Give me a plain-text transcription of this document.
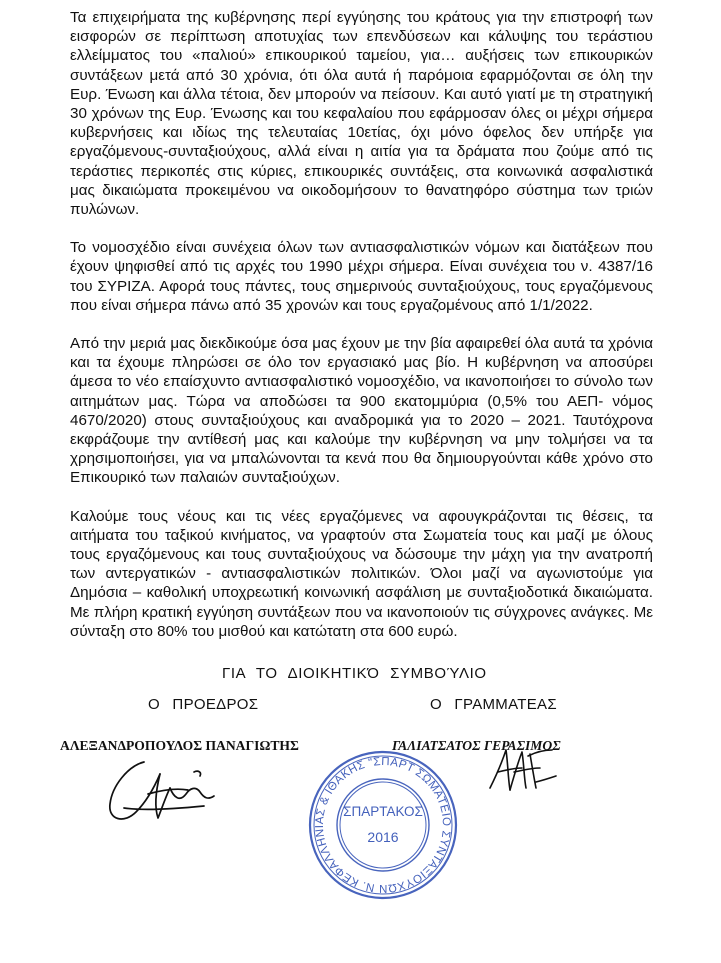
Τα επιχειρήματα της κυβέρνησης περί εγγύησης του κράτους για την επιστροφή των εισφορών σε περίπτωση αποτυχίας των επενδύσεων και κάλυψης του τεράστιου ελλείμματος του «παλιού» επικουρικού ταμείου, για… αυξήσεις των επικουρικών συντάξεων μετά από 30 χρόνια, ότι όλα αυτά ή παρόμοια εφαρμόζονται σε όλη την Ευρ. Ένωση και άλλα τέτοια, δεν μπορούν να πείσουν. Και αυτό γιατί με τη στρατηγική 30 χρόνων της Ευρ. Ένωσης και του κεφαλαίου που εφάρμοσαν όλες οι μέχρι σήμερα κυβερνήσεις και ιδίως της τελευταίας 10ετίας, όχι μόνο όφελος δεν υπήρξε για εργαζόμενους-συνταξιούχους, αλλά είναι η αιτία για τα δράματα που ζούμε από τις τεράστιες περικοπές στις κύριες, επικουρικές συντάξεις, στα κοινωνικά ασφαλιστικά μας δικαιώματα προκειμένου να οικοδομήσουν το θανατηφόρο σύστημα των τριών πυλώνων.

Το νομοσχέδιο είναι συνέχεια όλων των αντιασφαλιστικών νόμων και διατάξεων που έχουν ψηφισθεί από τις αρχές του 1990 μέχρι σήμερα. Είναι συνέχεια του ν. 4387/16 του ΣΥΡΙΖΑ. Αφορά τους πάντες, τους σημερινούς συνταξιούχους, τους εργαζόμενους που είναι σήμερα πάνω από 35 χρονών και τους εργαζομένους από 1/1/2022.

Από την μεριά μας διεκδικούμε όσα μας έχουν με την βία αφαιρεθεί όλα αυτά τα χρόνια και τα έχουμε πληρώσει σε όλο τον εργασιακό μας βίο. Η κυβέρνηση να αποσύρει άμεσα το νέο επαίσχυντο αντιασφαλιστικό νομοσχέδιο, να ικανοποιήσει το σύνολο των αιτημάτων μας. Τώρα να αποδώσει τα 900 εκατομμύρια (0,5% του ΑΕΠ- νόμος 4670/2020) στους συνταξιούχους και αναδρομικά για το 2020 – 2021. Ταυτόχρονα εκφράζουμε την αντίθεσή μας και καλούμε την κυβέρνηση να μην τολμήσει να τα χρησιμοποιήσει, για να μπαλώνονται τα κενά που θα δημιουργούνται κάθε χρόνο στο Επικουρικό των παλαιών συνταξιούχων.

Καλούμε τους νέους και τις νέες εργαζόμενες να αφουγκράζονται τις θέσεις, τα αιτήματα του ταξικού κινήματος, να γραφτούν στα Σωματεία τους και μαζί με όλους τους εργαζόμενους και τους συνταξιούχους να δώσουμε την μάχη για την ανατροπή των αντεργατικών - αντιασφαλιστικών πολιτικών. Όλοι μαζί να αγωνιστούμε για Δημόσια – καθολική υποχρεωτική κοινωνική ασφάλιση με συνταξιοδοτικά δικαιώματα. Με πλήρη κρατική εγγύηση συντάξεων που να ικανοποιούν τις σύγχρονες ανάγκες. Με σύνταξη στο 80% του μισθού και κατώτατη στα 600 ευρώ.

ΓΙΑ ΤΟ ΔΙΟΙΚΗΤΙΚΌ ΣΥΜΒΟΎΛΙΟ
Ο ΠΡΟΕΔΡΟΣ	Ο ΓΡΑΜΜΑΤΕΑΣ
ΑΛΕΞΑΝΔΡΟΠΟΥΛΟΣ ΠΑΝΑΓΙΩΤΗΣ	ΓΑΛΙΑΤΣΑΤΟΣ ΓΕΡΑΣΙΜΟΣ
ΣΩΜΑΤΕΙΟ ΣΥΝΤΑΞΙΟΥΧΩΝ Ν. ΚΕΦΑΛΛΗΝΙΑΣ & ΙΘΑΚΗΣ "ΣΠΑΡΤΑΚΟΣ"
ΣΠΑΡΤΑΚΟΣ
2016
